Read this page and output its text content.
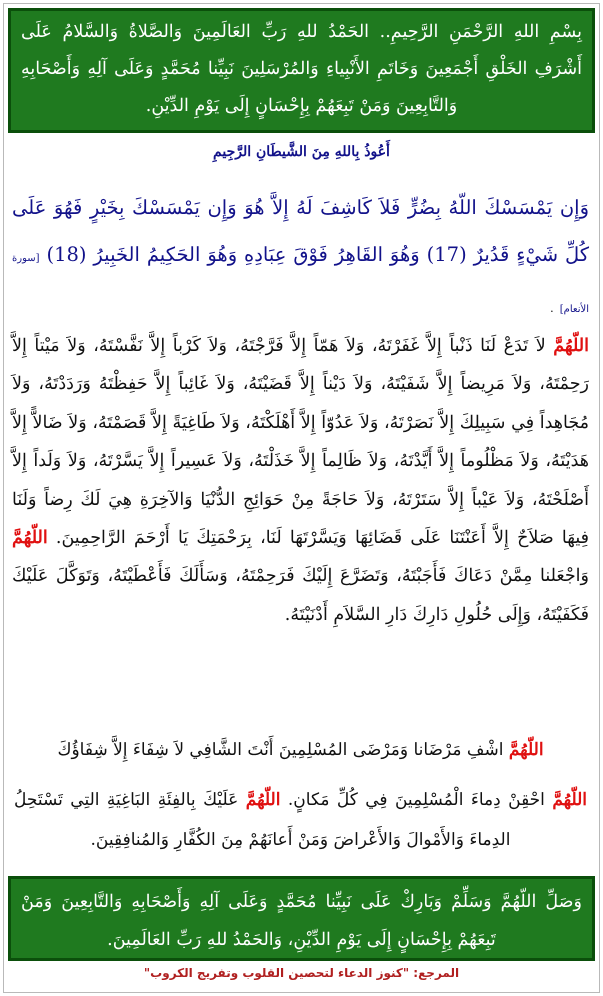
بِسْمِ اللهِ الرَّحْمَنِ الرَّحِيمِ.. الحَمْدُ للهِ رَبِّ العَالَمِينَ وَالصَّلاةُ وَالسَّلامُ عَلَى أَشْرَفِ الخَلْقِ أَجْمَعِينَ وَخَاتَمِ الأَنْبِياءِ وَالمُرْسَلِينَ نَبِيِّنا مُحَمَّدٍ وَعَلَى آلِهِ وَأَصْحَابِهِ وَالتَّابِعِينَ وَمَنْ تَبِعَهُمْ بِإِحْسَانٍ إِلَى يَوْمِ الدِّيْنِ.
أَعُوذُ بِاللهِ مِنَ الشَّيطَانِ الرَّجِيمِ
وَإِن يَمْسَسْكَ اللّهُ بِضُرٍّ فَلاَ كَاشِفَ لَهُ إِلاَّ هُوَ وَإِن يَمْسَسْكَ بِخَيْرٍ فَهُوَ عَلَى كُلِّ شَيْءٍ قَدُيرٌ (17) وَهُوَ القَاهِرُ فَوْقَ عِبَادِهِ وَهُوَ الحَكِيمُ الخَبِيرُ (18) [سورة الأنعام] .
اللّهُمَّ لاَ تَدَعْ لَنَا ذَنْباً إِلاَّ غَفَرْتَهُ، وَلاَ هَمّاً إِلاَّ فَرَّجْتَهُ، وَلاَ كَرْباً إِلاَّ نَفَّسْتَهُ، وَلاَ مَيْتاً إِلاَّ رَحِمْتَهُ، وَلاَ مَرِيضاً إِلاَّ شَفَيْتَهُ، وَلاَ دَيْناً إِلاَّ قَضَيْتَهُ، وَلاَ غَائِباً إِلاَّ حَفِظْتَهُ وَرَدَدْتَهُ، وَلاَ مُجَاهِداً فِي سَبِيلِكَ إِلاَّ نَصَرْتَهُ، وَلاَ عَدُوّاً إِلاَّ أَهْلَكْتَهُ، وَلاَ طَاغِيَةً إِلاَّ قَصَمْتَهُ، وَلاَ ضَالاًّ إِلاَّ هَدَيْتَهُ، وَلاَ مَظْلُوماً إِلاَّ أَيَّدْتَهُ، وَلاَ ظَالِماً إِلاَّ خَذَلْتَهُ، وَلاَ عَسِيراً إِلاَّ يَسَّرْتَهُ، وَلاَ وَلَداً إِلاَّ أَصْلَحْتَهُ، وَلاَ عَيْباً إِلاَّ سَتَرْتَهُ، وَلاَ حَاجَةً مِنْ حَوَائِجِ الدُّنْيَا وَالآخِرَةِ هِيَ لَكَ رِضاً وَلَنَا فِيهَا صَلاَحٌ إِلاَّ أَعَنْتَنَا عَلَى قَضَائِهَا وَيَسَّرْتَهَا لَنَا، بِرَحْمَتِكَ يَا أَرْحَمَ الرَّاحِمِينَ. اللّهُمَّ وَاجْعَلنا مِمَّنْ دَعَاكَ فَأَجَبْتَهُ، وَتَضَرَّعَ إِلَيْكَ فَرَحِمْتَهُ، وَسَأَلَكَ فَأَعْطَيْتَهُ، وَتَوَكَّلَ عَلَيْكَ فَكَفَيْتَهُ، وَإِلَى حُلُولِ دَارِكَ دَارِ السَّلاَمِ أَدْنَيْتَهُ.
اللّهُمَّ اشْفِ مَرْضَانا وَمَرْضَى المُسْلِمِينَ أَنْتَ الشَّافِي لاَ شِفَاءَ إِلاَّ شِفَاؤُكَ
اللّهُمَّ احْقِنْ دِماءَ الْمُسْلِمِينَ فِي كُلِّ مَكانٍ. اللّهُمَّ عَلَيْكَ بِالفِئَةِ البَاغِيَةِ التِي تَسْتَحِلُ الدِماءَ وَالأَمْوالَ وَالأَعْراضَ وَمَنْ أَعانَهُمْ مِنَ الكُفَّارِ وَالمُنافِقِينَ.
وَصَلِّ اللّهُمَّ وَسَلِّمْ وَبَارِكْ عَلَى نَبِيِّنا مُحَمَّدٍ وَعَلَى آلِهِ وَأَصْحَابِهِ وَالتَّابِعِينَ وَمَنْ تَبِعَهُمْ بِإِحْسَانٍ إِلَى يَوْمِ الدِّيْنِ، وَالحَمْدُ للهِ رَبِّ العَالَمِينَ.
المرجع: "كنوز الدعاء لتحصين القلوب وتفريج الكروب"
